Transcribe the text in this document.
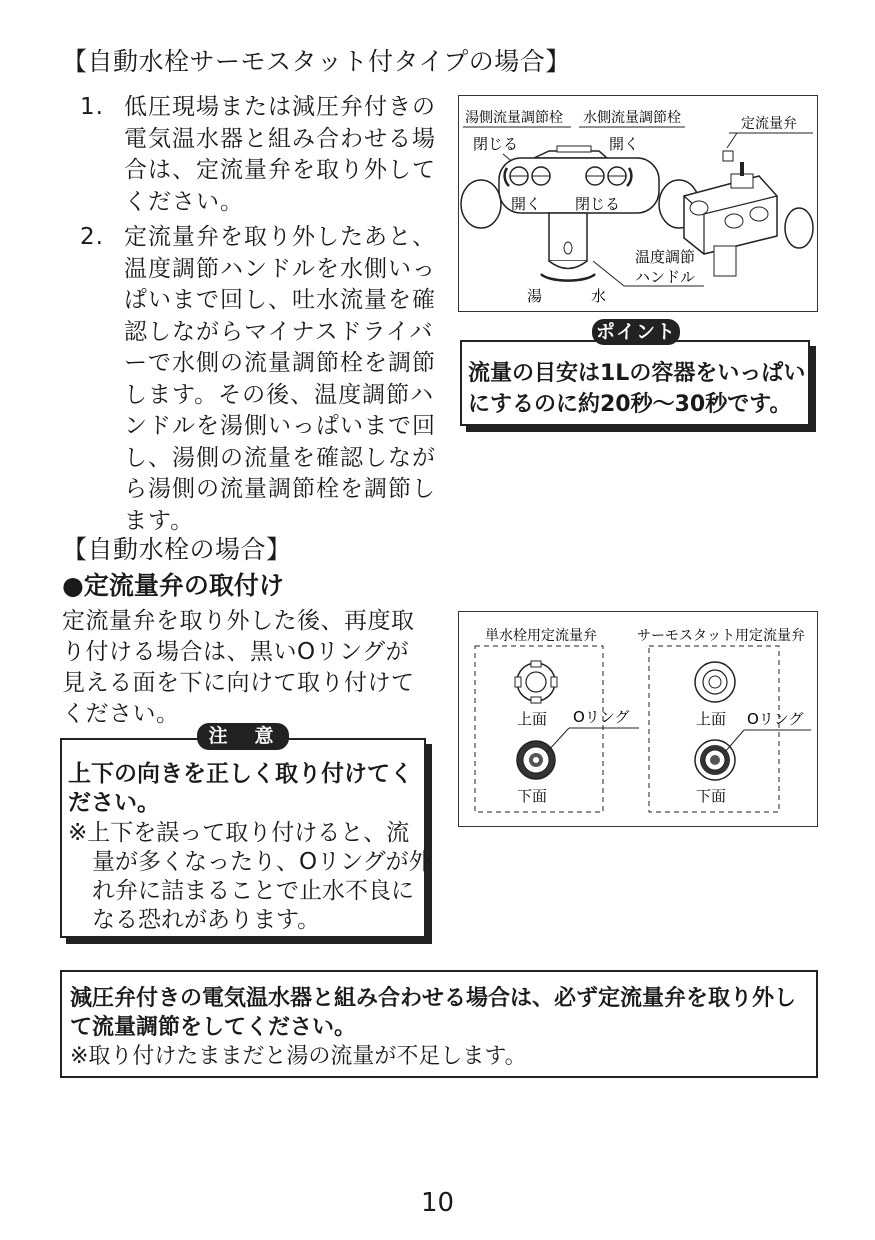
【自動水栓サーモスタット付タイプの場合】
1. 低圧現場または減圧弁付きの電気温水器と組み合わせる場合は、定流量弁を取り外してください。
2. 定流量弁を取り外したあと、温度調節ハンドルを水側いっぱいまで回し、吐水流量を確認しながらマイナスドライバーで水側の流量調節栓を調節します。その後、温度調節ハンドルを湯側いっぱいまで回し、湯側の流量を確認しながら湯側の流量調節栓を調節します。
湯側流量調節栓 水側流量調節栓
閉じる	開く
開く 閉じる
湯	水
温度調節
ハンドル
定流量弁
流量の目安は1Lの容器をいっぱいにするのに約20秒〜30秒です。
ポイント
【自動水栓の場合】
●定流量弁の取付け
定流量弁を取り外した後、再度取り付ける場合は、黒いOリングが見える面を下に向けて取り付けてください。
上下の向きを正しく取り付けてください。
※上下を誤って取り付けると、流量が多くなったり、Oリングが外れ弁に詰まることで止水不良になる恐れがあります。
注　意
単水栓用定流量弁	サーモスタット用定流量弁
上面
下面
Oリング	上面
下面
Oリング
減圧弁付きの電気温水器と組み合わせる場合は、必ず定流量弁を取り外して流量調節をしてください。
※取り付けたままだと湯の流量が不足します。
10
